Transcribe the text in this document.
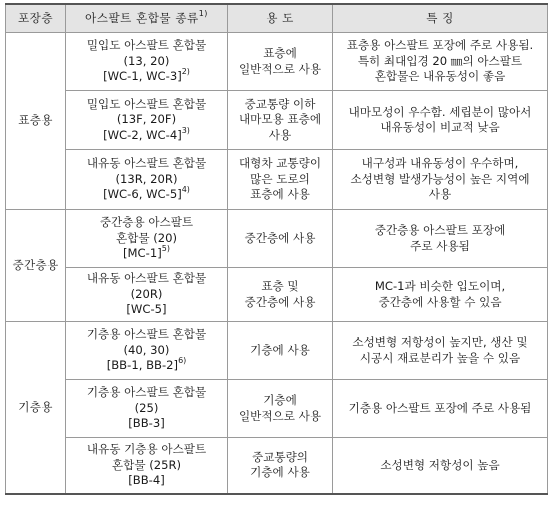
포장층	아스팔트 혼합물 종류$^{1)}$	용 도	특 징
표층용	밀입도 아스팔트 혼합물
(13, 20)
[WC-1, WC-3]$^{2)}$	표층에
일반적으로 사용	표층용 아스팔트 포장에 주로 사용됨.
특히 최대입경 20 ㎜의 아스팔트
혼합물은 내유동성이 좋음

	밀입도 아스팔트 혼합물
(13F, 20F)
[WC-2, WC-4]$^{3)}$	중교통량 이하
내마모용 표층에
사용	내마모성이 우수함. 세립분이 많아서
내유동성이 비교적 낮음

	내유동 아스팔트 혼합물
(13R, 20R)
[WC-6, WC-5]$^{4)}$	대형차 교통량이
많은 도로의
표층에 사용	내구성과 내유동성이 우수하며,
소성변형 발생가능성이 높은 지역에
사용

중간층용	중간층용 아스팔트
혼합물 (20)
$[MC-1]^{5)}$	중간층에 사용	중간층용 아스팔트 포장에
주로 사용됨

	내유동 아스팔트 혼합물
(20R)
[WC-5]	표층 및
중간층에 사용	MC-1과 비슷한 입도이며,
중간층에 사용할 수 있음

기층용	기층용 아스팔트 혼합물
(40, 30)
[BB-1, BB-2]$^{6)}$	기층에 사용	소성변형 저항성이 높지만, 생산 및
시공시 재료분리가 높을 수 있음

	기층용 아스팔트 혼합물
(25)
[BB-3]	기층에
일반적으로 사용	기층용 아스팔트 포장에 주로 사용됨

	내유동 기층용 아스팔트
혼합물 (25R)
[BB-4]	중교통량의
기층에 사용	소성변형 저항성이 높음
